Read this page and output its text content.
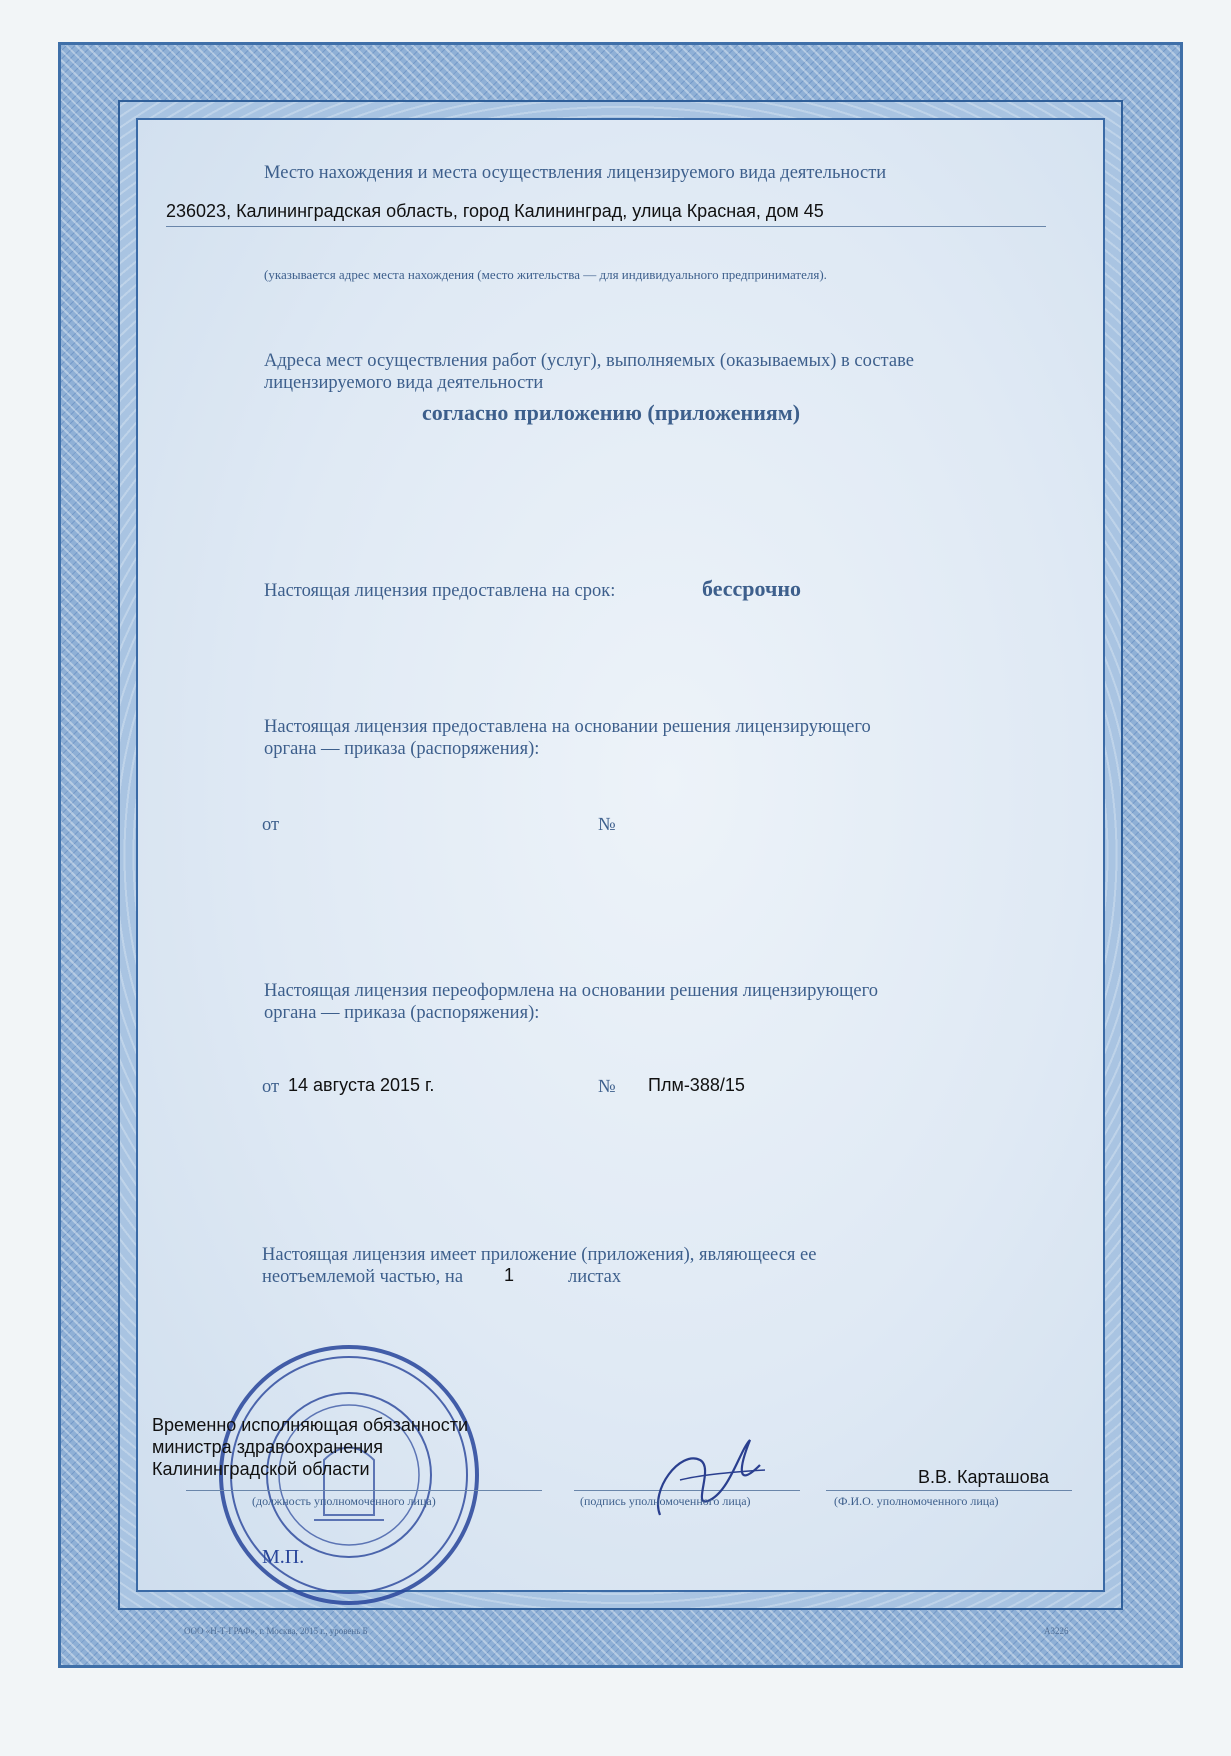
Место нахождения и места осуществления лицензируемого вида деятельности
236023, Калининградская область, город Калининград, улица Красная, дом 45
(указывается адрес места нахождения (место жительства — для индивидуального предпринимателя).
Адреса мест осуществления работ (услуг), выполняемых (оказываемых) в составе
лицензируемого вида деятельности
согласно приложению (приложениям)
Настоящая лицензия предоставлена на срок:	бессрочно
Настоящая лицензия предоставлена на основании решения лицензирующего
органа — приказа (распоряжения):
от	№
Настоящая лицензия переоформлена на основании решения лицензирующего
органа — приказа (распоряжения):
от 14 августа 2015 г.	№ Плм-388/15
Настоящая лицензия имеет приложение (приложения), являющееся ее
неотъемлемой частью, на 1	листах
М.П.
Временно исполняющая обязанности
министра здравоохранения
Калининградской области	В.В. Карташова
(должность уполномоченного лица)	(подпись уполномоченного лица)	(Ф.И.О. уполномоченного лица)
ООО «Н-Т-ГРАФ», г. Москва, 2015 г., уровень Б	А3226
